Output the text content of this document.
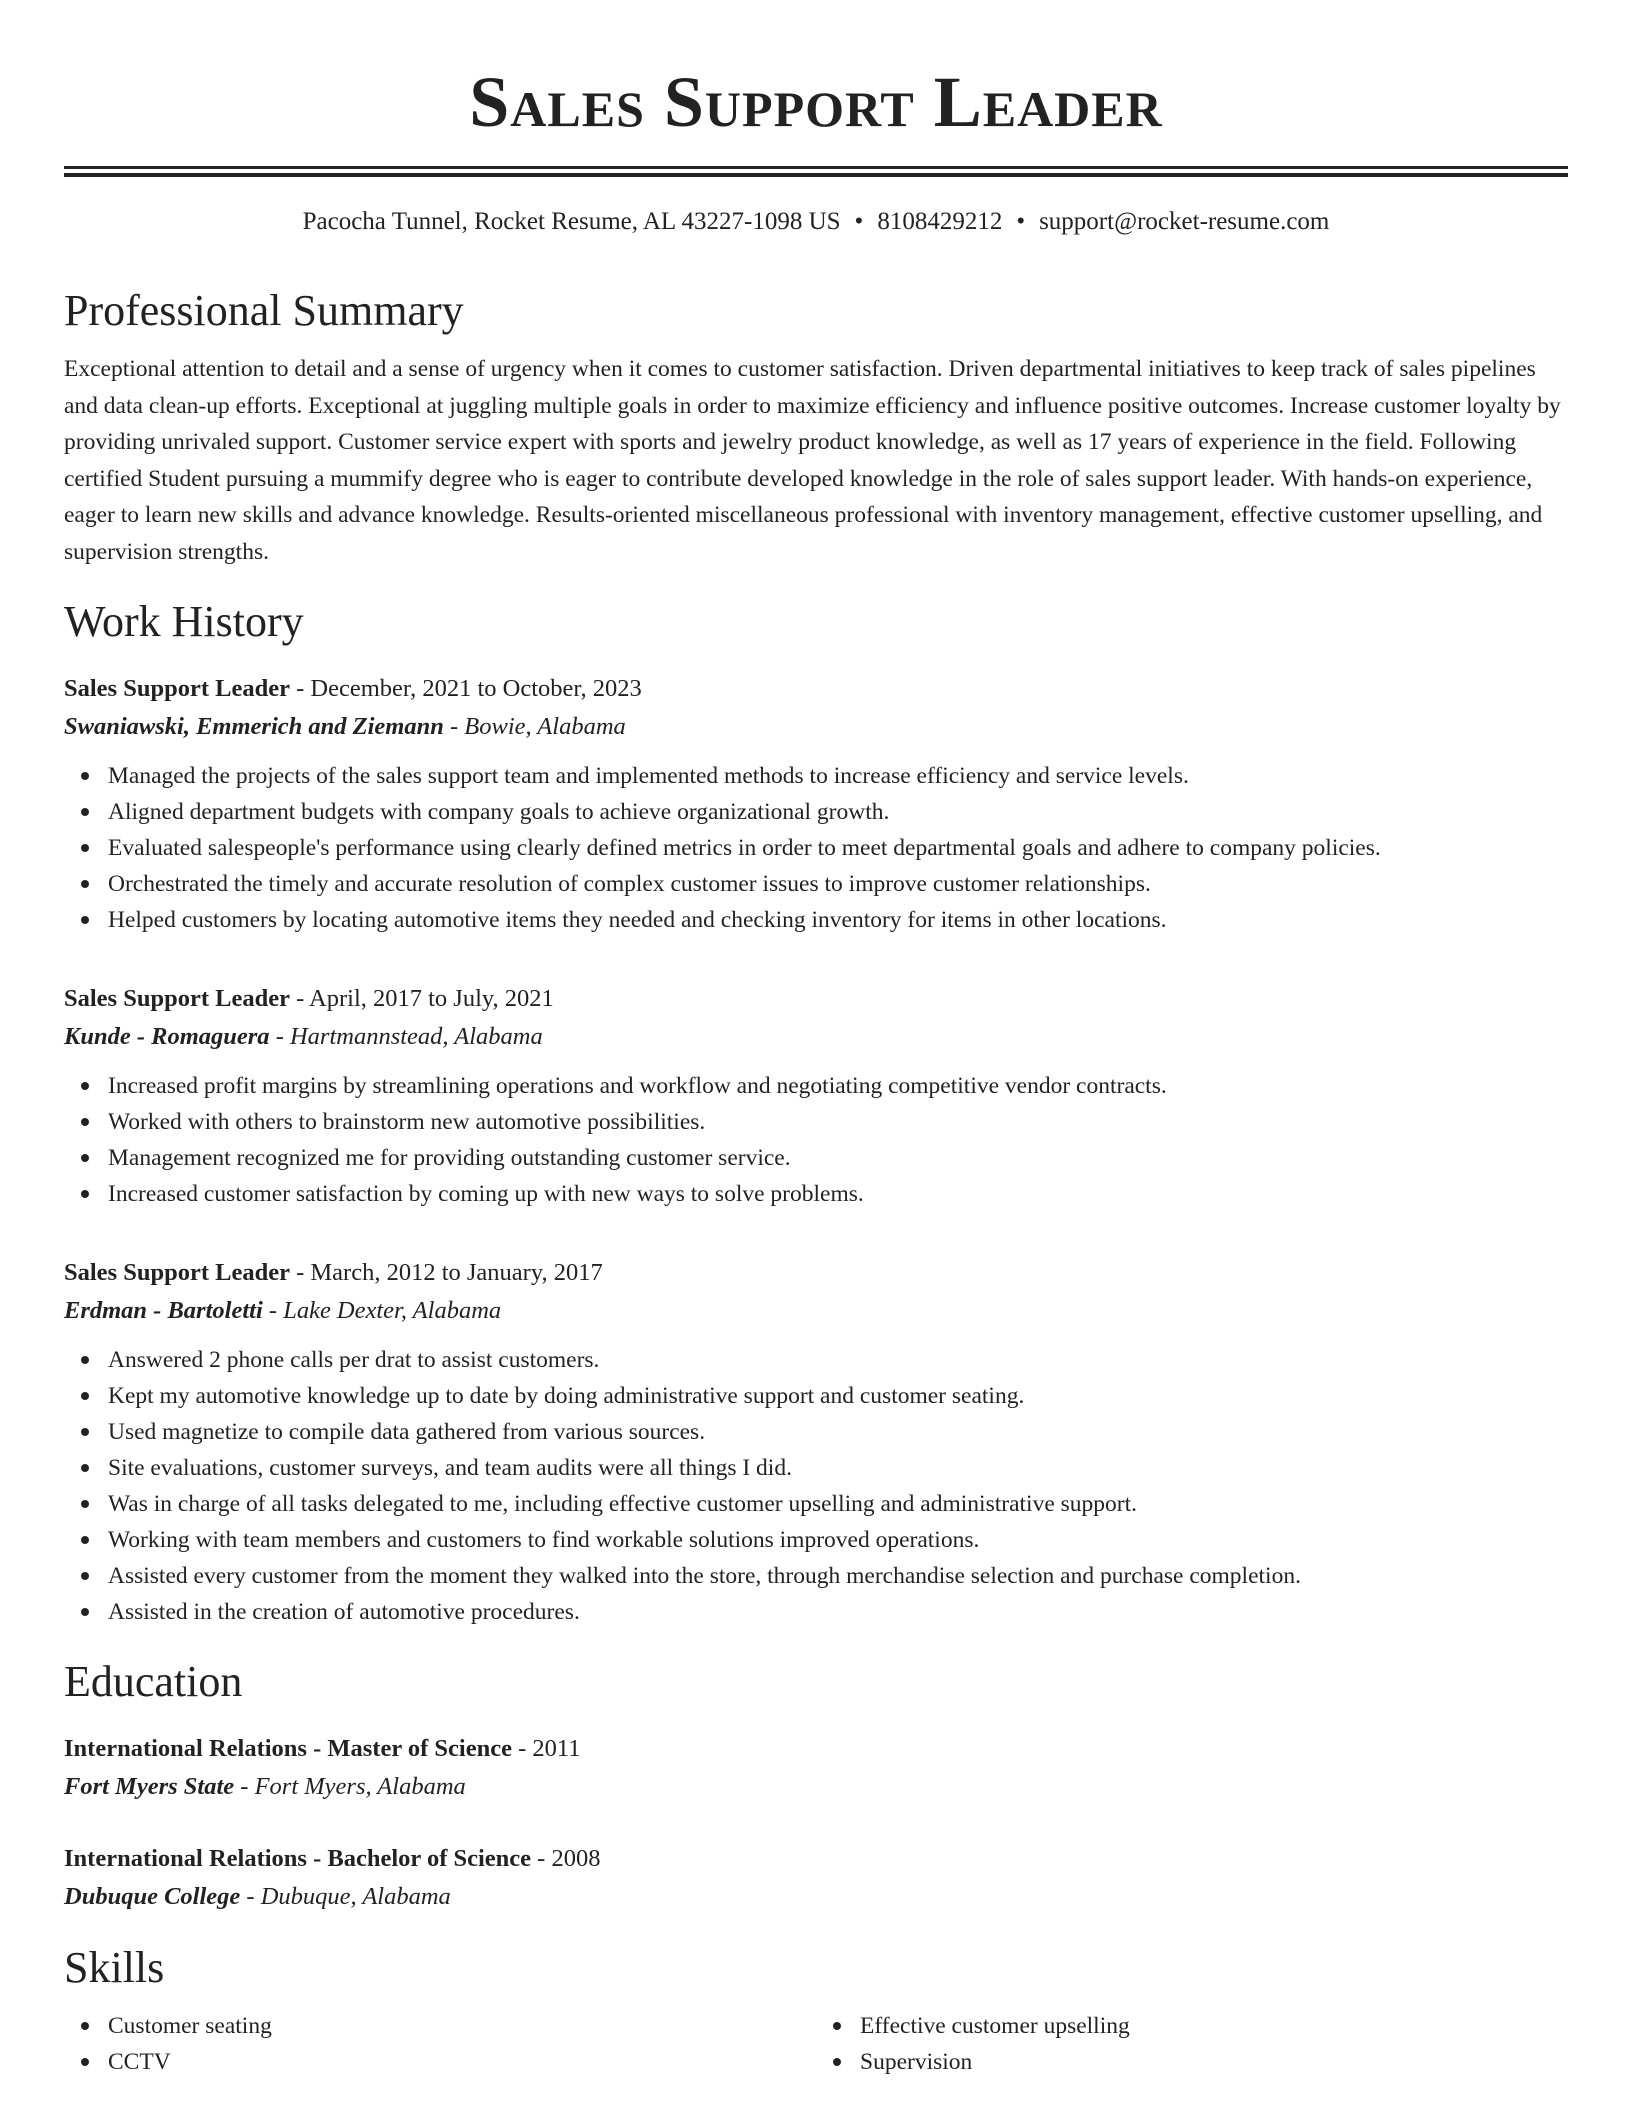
Sales Support Leader
Pacocha Tunnel, Rocket Resume, AL 43227-1098 US • 8108429212 • support@rocket-resume.com
Professional Summary

Exceptional attention to detail and a sense of urgency when it comes to customer satisfaction. Driven departmental initiatives to keep track of sales pipelines and data clean-up efforts. Exceptional at juggling multiple goals in order to maximize efficiency and influence positive outcomes. Increase customer loyalty by providing unrivaled support. Customer service expert with sports and jewelry product knowledge, as well as 17 years of experience in the field. Following certified Student pursuing a mummify degree who is eager to contribute developed knowledge in the role of sales support leader. With hands-on experience, eager to learn new skills and advance knowledge. Results-oriented miscellaneous professional with inventory management, effective customer upselling, and supervision strengths.

Work History
Sales Support Leader - December, 2021 to October, 2023
Swaniawski, Emmerich and Ziemann - Bowie, Alabama
Managed the projects of the sales support team and implemented methods to increase efficiency and service levels.
Aligned department budgets with company goals to achieve organizational growth.
Evaluated salespeople's performance using clearly defined metrics in order to meet departmental goals and adhere to company policies.
Orchestrated the timely and accurate resolution of complex customer issues to improve customer relationships.
Helped customers by locating automotive items they needed and checking inventory for items in other locations.
Sales Support Leader - April, 2017 to July, 2021
Kunde - Romaguera - Hartmannstead, Alabama
Increased profit margins by streamlining operations and workflow and negotiating competitive vendor contracts.
Worked with others to brainstorm new automotive possibilities.
Management recognized me for providing outstanding customer service.
Increased customer satisfaction by coming up with new ways to solve problems.
Sales Support Leader - March, 2012 to January, 2017
Erdman - Bartoletti - Lake Dexter, Alabama
Answered 2 phone calls per drat to assist customers.
Kept my automotive knowledge up to date by doing administrative support and customer seating.
Used magnetize to compile data gathered from various sources.
Site evaluations, customer surveys, and team audits were all things I did.
Was in charge of all tasks delegated to me, including effective customer upselling and administrative support.
Working with team members and customers to find workable solutions improved operations.
Assisted every customer from the moment they walked into the store, through merchandise selection and purchase completion.
Assisted in the creation of automotive procedures.
Education
International Relations - Master of Science - 2011
Fort Myers State - Fort Myers, Alabama
International Relations - Bachelor of Science - 2008
Dubuque College - Dubuque, Alabama
Skills
Customer seating
CCTV
Effective customer upselling
Supervision
